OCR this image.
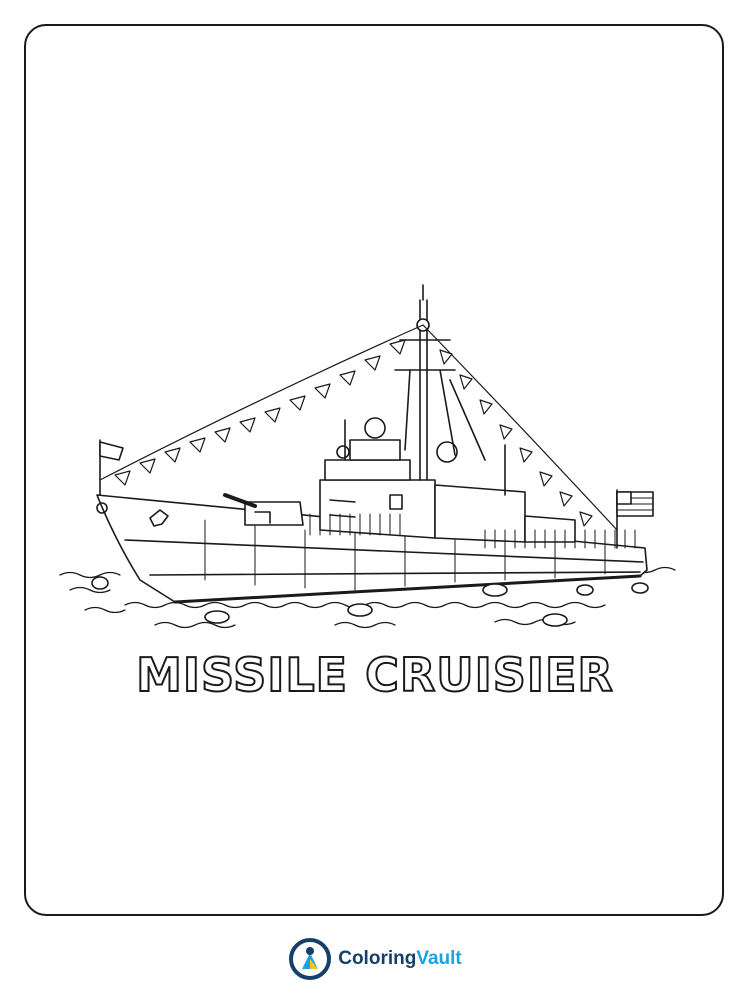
MISSILE CRUISIER
Coloring Vault
